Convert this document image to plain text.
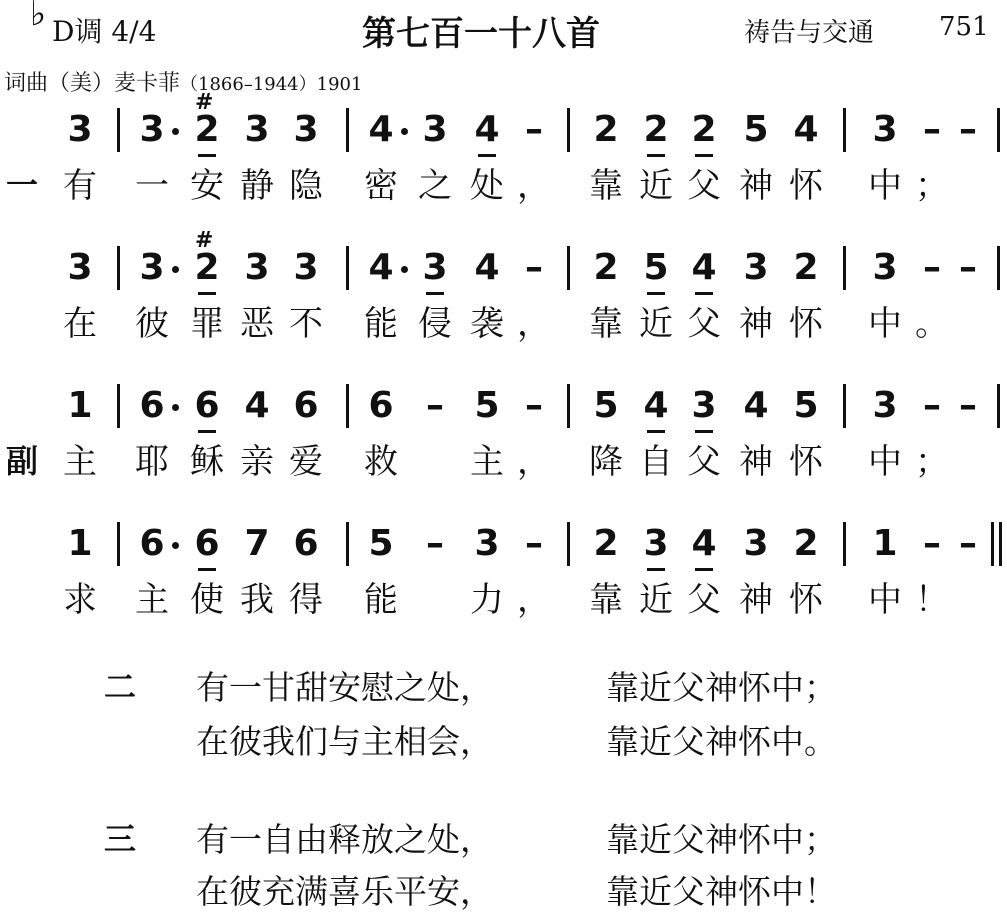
♭ D调 4/4	第七百一十八首	祷告与交通 751
词曲（美）麦卡菲（1866–1944）1901
3 3 2 3 3 4 3 4 – 2 2 2 5 4 3 – –
#
有 一 安 静 隐 密 之 处 ， 靠 近 父 神 怀 中 ；
一
3 3 2 3 3 4 3 4 – 2 5 4 3 2 3 – –
#
在 彼 罪 恶 不 能 侵 袭 ， 靠 近 父 神 怀 中 。
1 6 6 4 6 6 – 5 – 5 4 3 4 5 3 – –
主 耶 稣 亲 爱 救 主 ， 降 自 父 神 怀 中 ；
副
1 6 6 7 6 5 – 3 – 2 3 4 3 2 1 – –
求 主 使 我 得 能 力 ， 靠 近 父 神 怀 中 ！
二 有一甘甜安慰之处，	靠近父神怀中；
在彼我们与主相会，	靠近父神怀中。
三 有一自由释放之处，	靠近父神怀中；
在彼充满喜乐平安，	靠近父神怀中！
